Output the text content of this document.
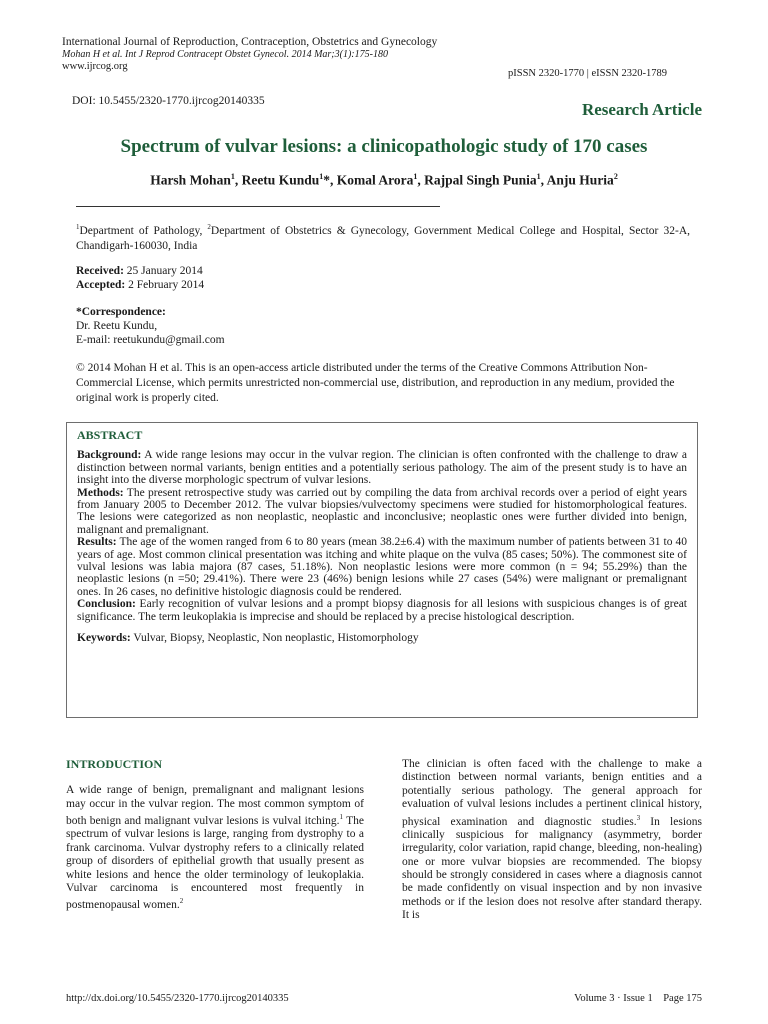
International Journal of Reproduction, Contraception, Obstetrics and Gynecology
Mohan H et al. Int J Reprod Contracept Obstet Gynecol. 2014 Mar;3(1):175-180
www.ijrcog.org
pISSN 2320-1770 | eISSN 2320-1789
DOI: 10.5455/2320-1770.ijrcog20140335	Research Article
Spectrum of vulvar lesions: a clinicopathologic study of 170 cases
Harsh Mohan$^1$, Reetu Kundu$^1$*, Komal Arora$^1$, Rajpal Singh Punia$^1$, Anju Huria$^2$
$^1$Department of Pathology, $^2$Department of Obstetrics & Gynecology, Government Medical College and Hospital, Sector 32-A, Chandigarh-160030, India
Received: 25 January 2014
Accepted: 2 February 2014
*Correspondence:
Dr. Reetu Kundu,
E-mail: reetukundu@gmail.com
© 2014 Mohan H et al. This is an open-access article distributed under the terms of the Creative Commons Attribution Non-Commercial License, which permits unrestricted non-commercial use, distribution, and reproduction in any medium, provided the original work is properly cited.
ABSTRACT

Background: A wide range lesions may occur in the vulvar region. The clinician is often confronted with the challenge to draw a distinction between normal variants, benign entities and a potentially serious pathology. The aim of the present study is to have an insight into the diverse morphologic spectrum of vulvar lesions.

Methods: The present retrospective study was carried out by compiling the data from archival records over a period of eight years from January 2005 to December 2012. The vulvar biopsies/vulvectomy specimens were studied for histomorphological features. The lesions were categorized as non neoplastic, neoplastic and inconclusive; neoplastic ones were further divided into benign, malignant and premalignant.

Results: The age of the women ranged from 6 to 80 years (mean 38.2±6.4) with the maximum number of patients between 31 to 40 years of age. Most common clinical presentation was itching and white plaque on the vulva (85 cases; 50%). The commonest site of vulval lesions was labia majora (87 cases, 51.18%). Non neoplastic lesions were more common (n = 94; 55.29%) than the neoplastic lesions (n =50; 29.41%). There were 23 (46%) benign lesions while 27 cases (54%) were malignant or premalignant ones. In 26 cases, no definitive histologic diagnosis could be rendered.

Conclusion: Early recognition of vulvar lesions and a prompt biopsy diagnosis for all lesions with suspicious changes is of great significance. The term leukoplakia is imprecise and should be replaced by a precise histological description.

Keywords: Vulvar, Biopsy, Neoplastic, Non neoplastic, Histomorphology

INTRODUCTION
A wide range of benign, premalignant and malignant lesions may occur in the vulvar region. The most common symptom of both benign and malignant vulvar lesions is vulval itching.$^1$ The spectrum of vulvar lesions is large, ranging from dystrophy to a frank carcinoma. Vulvar dystrophy refers to a clinically related group of disorders of epithelial growth that usually present as white lesions and hence the older terminology of leukoplakia. Vulvar carcinoma is encountered most frequently in postmenopausal women.$^2$
The clinician is often faced with the challenge to make a distinction between normal variants, benign entities and a potentially serious pathology. The general approach for evaluation of vulval lesions includes a pertinent clinical history, physical examination and diagnostic studies.$^3$ In lesions clinically suspicious for malignancy (asymmetry, border irregularity, color variation, rapid change, bleeding, non-healing) one or more vulvar biopsies are recommended. The biopsy should be strongly considered in cases where a diagnosis cannot be made confidently on visual inspection and by non invasive methods or if the lesion does not resolve after standard therapy. It is
http://dx.doi.org/10.5455/2320-1770.ijrcog20140335	Volume 3 · Issue 1    Page 175
